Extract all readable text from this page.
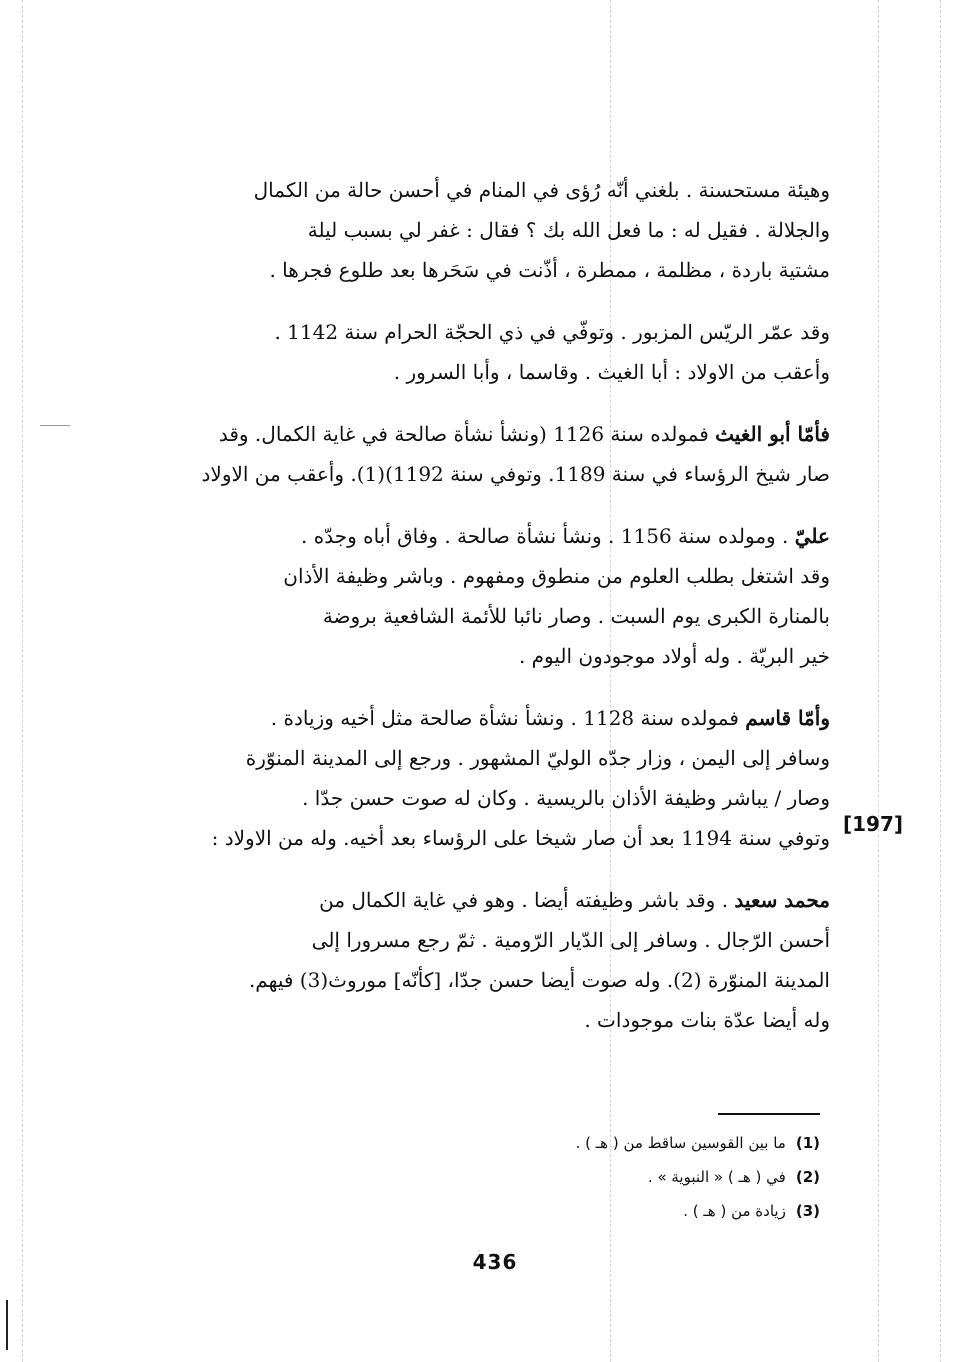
وهيئة مستحسنة . بلغني أنّه رُؤى في المنام في أحسن حالة من الكمال
والجلالة . فقيل له : ما فعل الله بك ؟ فقال : غفر لي بسبب ليلة
مشتية باردة ، مظلمة ، ممطرة ، أذّنت في سَحَرها بعد طلوع فجرها .

وقد عمّر الريّس المزبور . وتوفّي في ذي الحجّة الحرام سنة 1142 .
وأعقب من الاولاد : أبا الغيث . وقاسما ، وأبا السرور .

فأمّا أبو الغيث فمولده سنة 1126 (ونشأ نشأة صالحة في غاية الكمال. وقد
صار شيخ الرؤساء في سنة 1189. وتوفي سنة 1192)(1). وأعقب من الاولاد

عليّ . ومولده سنة 1156 . ونشأ نشأة صالحة . وفاق أباه وجدّه .
وقد اشتغل بطلب العلوم من منطوق ومفهوم . وباشر وظيفة الأذان
بالمنارة الكبرى يوم السبت . وصار نائبا للأئمة الشافعية بروضة
خير البريّة . وله أولاد موجودون اليوم .

وأمّا قاسم فمولده سنة 1128 . ونشأ نشأة صالحة مثل أخيه وزيادة .
وسافر إلى اليمن ، وزار جدّه الوليّ المشهور . ورجع إلى المدينة المنوّرة
وصار / يباشر وظيفة الأذان بالريسية . وكان له صوت حسن جدّا .
وتوفي سنة 1194 بعد أن صار شيخا على الرؤساء بعد أخيه. وله من الاولاد :

محمد سعيد . وقد باشر وظيفته أيضا . وهو في غاية الكمال من
أحسن الرّجال . وسافر إلى الدّيار الرّومية . ثمّ رجع مسرورا إلى
المدينة المنوّرة (2). وله صوت أيضا حسن جدّا، [كأنّه] موروث(3) فيهم.
وله أيضا عدّة بنات موجودات .

[197]
(1)ما بين القوسين ساقط من ( هـ ) .
(2)في ( هـ ) « النبوية » .
(3)زيادة من ( هـ ) .
436
